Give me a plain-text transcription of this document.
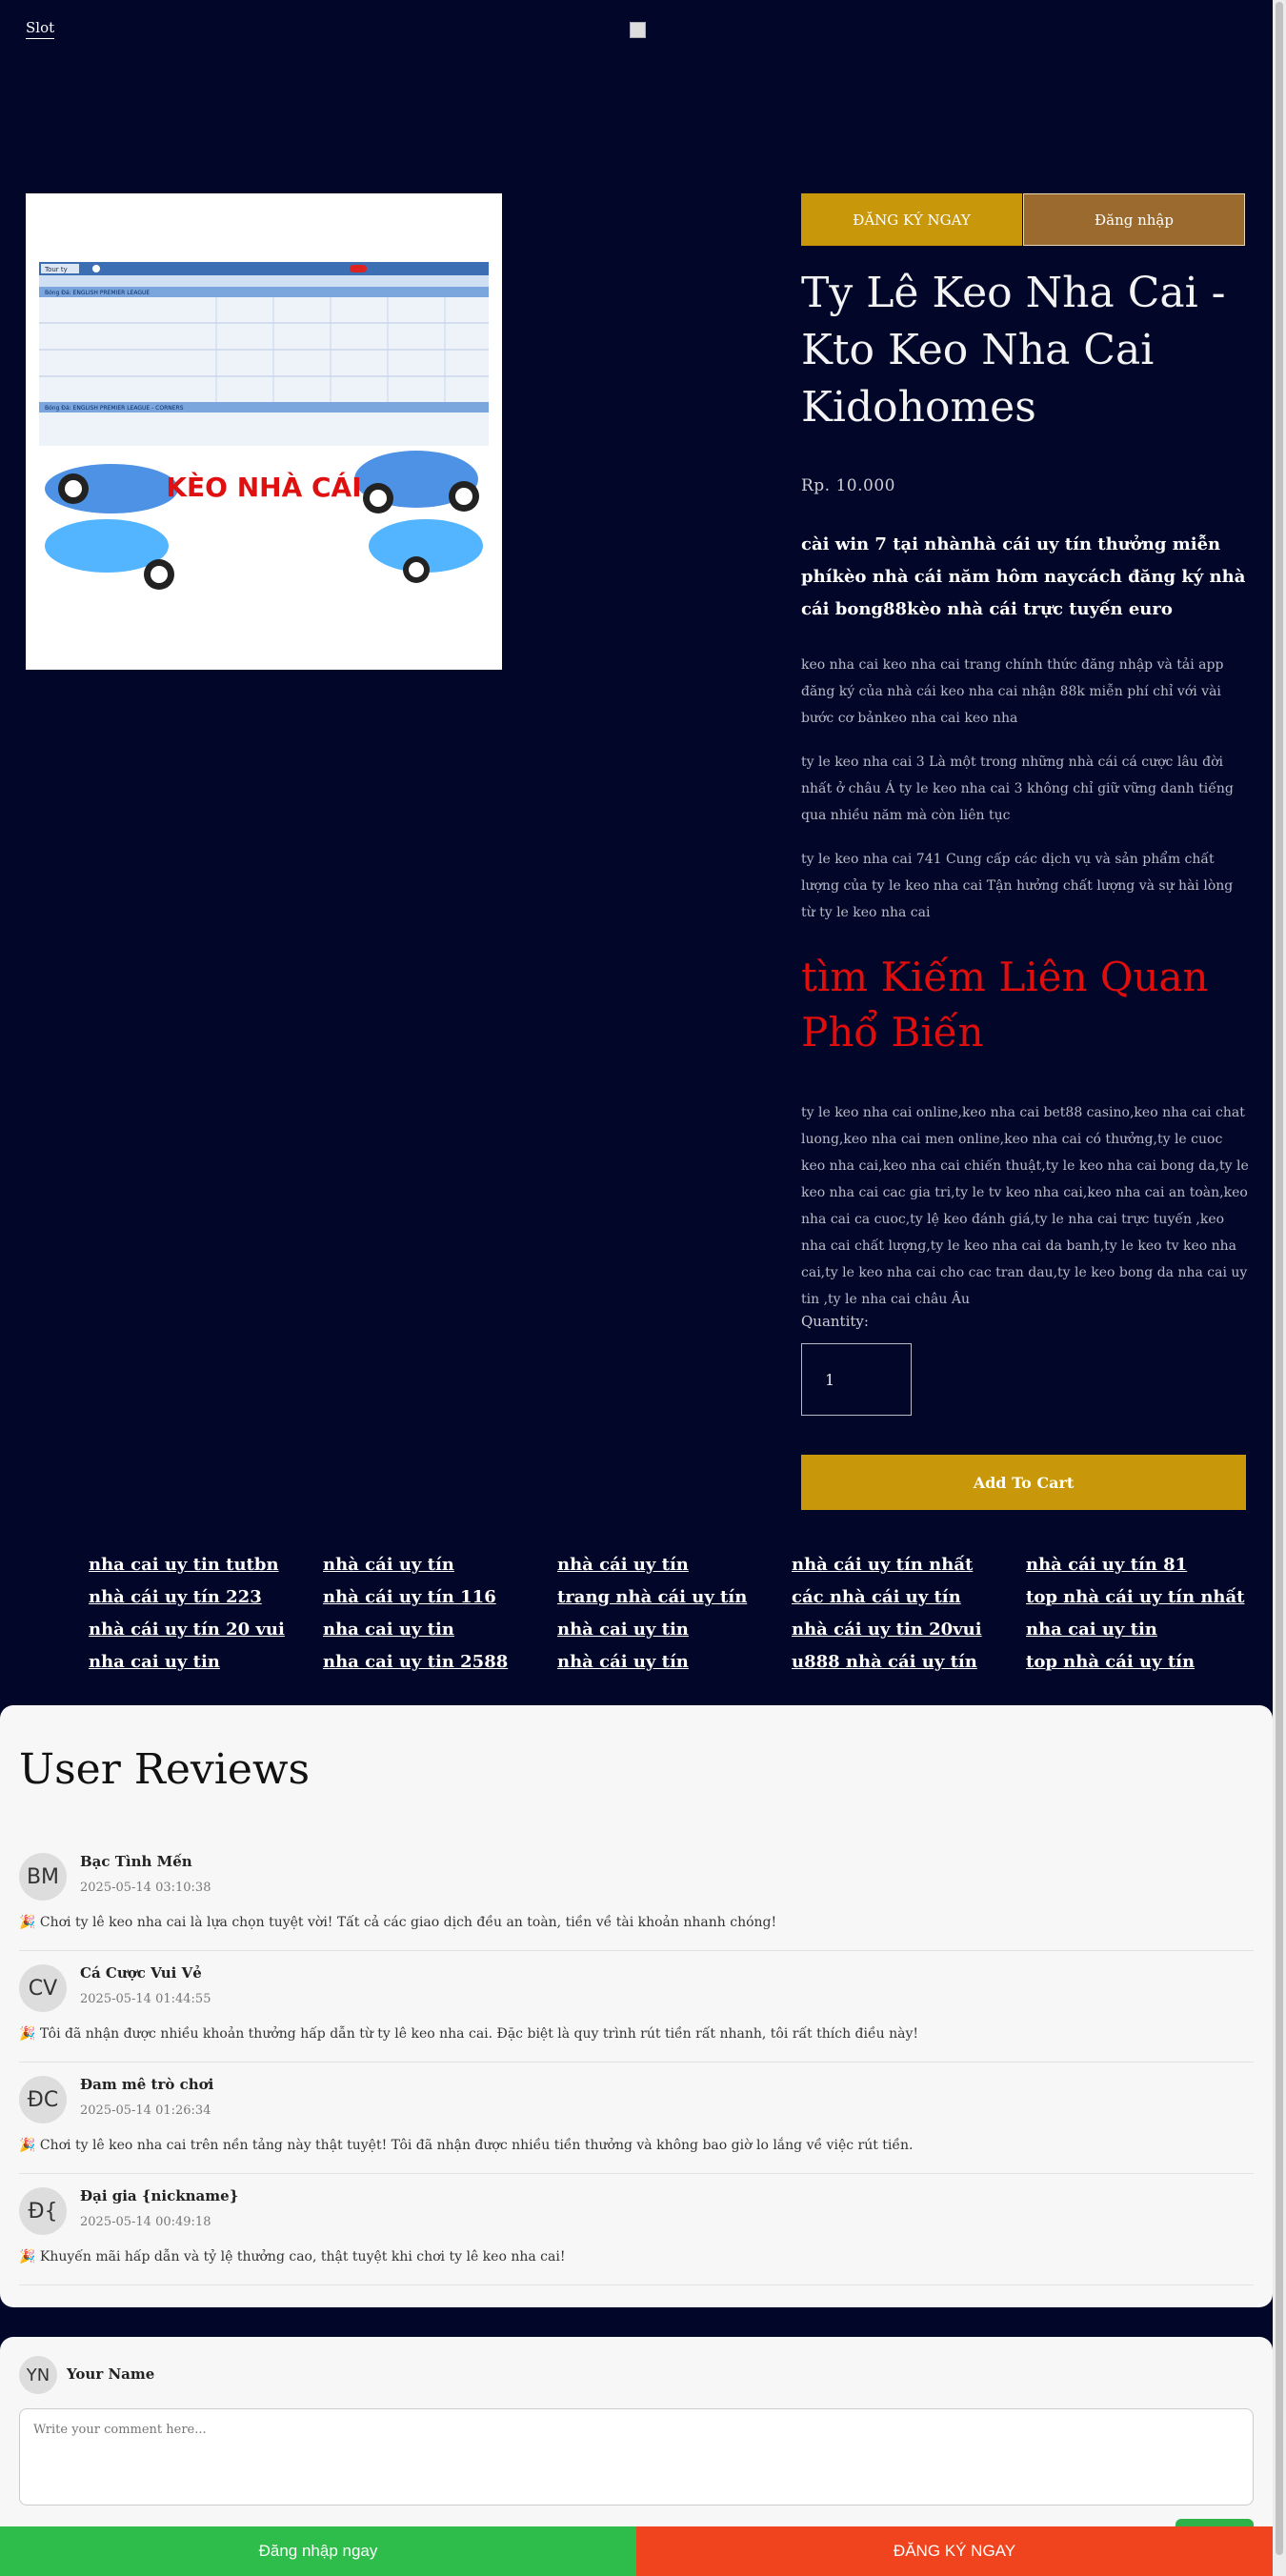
Slot
Tour ty
Bóng Đá: ENGLISH PREMIER LEAGUE
Bóng Đá: ENGLISH PREMIER LEAGUE - CORNERS
KÈO NHÀ CÁI
ĐĂNG KÝ NGAY	Đăng nhập
Ty Lê Keo Nha Cai - Kto Keo Nha Cai Kidohomes
Rp. 10.000

cài win 7 tại nhànhà cái uy tín thưởng miễn phíkèo nhà cái năm hôm naycách đăng ký nhà cái bong88kèo nhà cái trực tuyến euro

keo nha cai keo nha cai trang chính thức đăng nhập và tải app đăng ký của nhà cái keo nha cai nhận 88k miễn phí chỉ với vài bước cơ bảnkeo nha cai keo nha

ty le keo nha cai 3 Là một trong những nhà cái cá cược lâu đời nhất ở châu Á ty le keo nha cai 3 không chỉ giữ vững danh tiếng qua nhiều năm mà còn liên tục

ty le keo nha cai 741 Cung cấp các dịch vụ và sản phẩm chất lượng của ty le keo nha cai Tận hưởng chất lượng và sự hài lòng từ ty le keo nha cai

tìm Kiếm Liên Quan Phổ Biến

ty le keo nha cai online,keo nha cai bet88 casino,keo nha cai chat luong,keo nha cai men online,keo nha cai có thưởng,ty le cuoc keo nha cai,keo nha cai chiến thuật,ty le keo nha cai bong da,ty le keo nha cai cac gia tri,ty le tv keo nha cai,keo nha cai an toàn,keo nha cai ca cuoc,ty lệ keo đánh giá,ty le nha cai trực tuyến ,keo nha cai chất lượng,ty le keo nha cai da banh,ty le keo tv keo nha cai,ty le keo nha cai cho cac tran dau,ty le keo bong da nha cai uy tin ,ty le nha cai châu Âu

Quantity:
1
Add To Cart
nha cai uy tin tutbn	nhà cái uy tín	nhà cái uy tín	nhà cái uy tín nhất	nhà cái uy tín 81
nhà cái uy tín 223	nhà cái uy tín 116	trang nhà cái uy tín	các nhà cái uy tín	top nhà cái uy tín nhất
nhà cái uy tín 20 vui	nha cai uy tin	nhà cai uy tin	nhà cái uy tin 20vui	nha cai uy tin
nha cai uy tin	nha cai uy tin 2588	nhà cái uy tín	u888 nhà cái uy tín	top nhà cái uy tín
User Reviews
BM
Bạc Tình Mến
2025-05-14 03:10:38
🎉 Chơi ty lê keo nha cai là lựa chọn tuyệt vời! Tất cả các giao dịch đều an toàn, tiền về tài khoản nhanh chóng!
CV
Cá Cược Vui Vẻ
2025-05-14 01:44:55
🎉 Tôi đã nhận được nhiều khoản thưởng hấp dẫn từ ty lê keo nha cai. Đặc biệt là quy trình rút tiền rất nhanh, tôi rất thích điều này!
ĐC
Đam mê trò chơi
2025-05-14 01:26:34
🎉 Chơi ty lê keo nha cai trên nền tảng này thật tuyệt! Tôi đã nhận được nhiều tiền thưởng và không bao giờ lo lắng về việc rút tiền.
Đ{
Đại gia {nickname}
2025-05-14 00:49:18
🎉 Khuyến mãi hấp dẫn và tỷ lệ thưởng cao, thật tuyệt khi chơi ty lê keo nha cai!
YN	Your Name
Write your comment here...
Đăng nhập ngay	ĐĂNG KÝ NGAY
